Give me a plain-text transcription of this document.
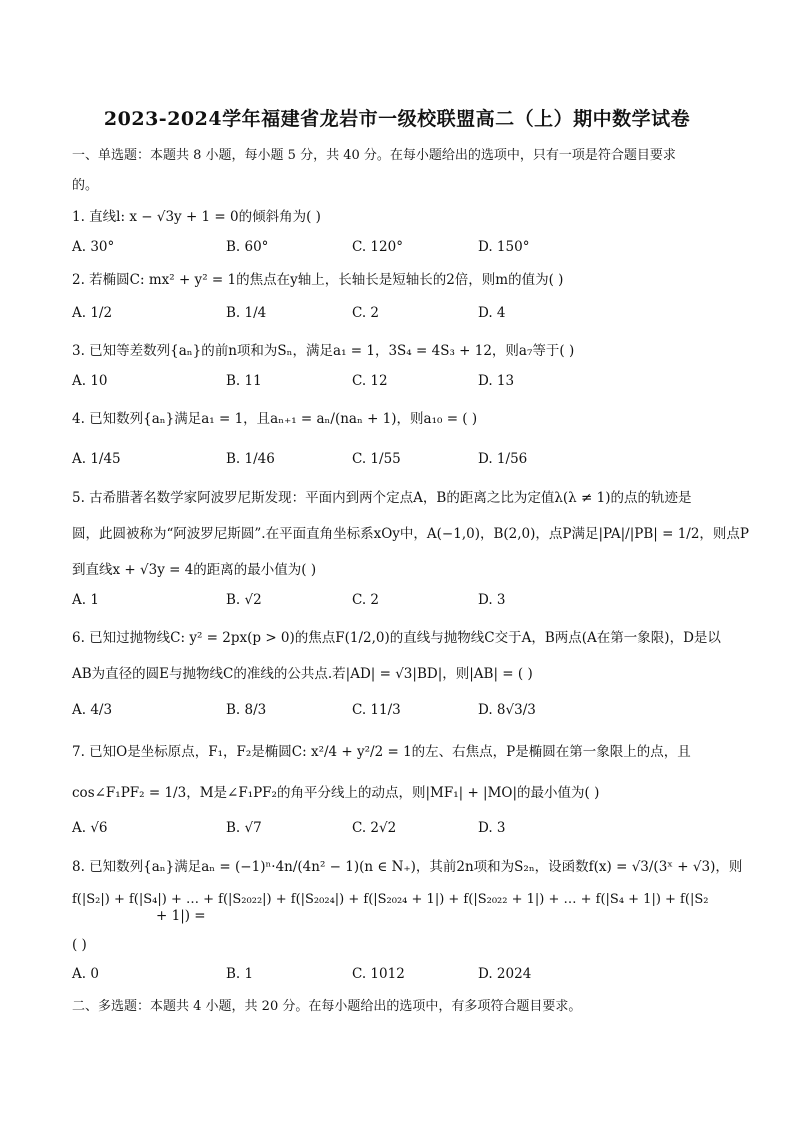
2023-2024学年福建省龙岩市一级校联盟高二（上）期中数学试卷
一、单选题：本题共 8 小题，每小题 5 分，共 40 分。在每小题给出的选项中，只有一项是符合题目要求
的。
1. 直线l: x − √3y + 1 = 0的倾斜角为( )
A. 30°	B. 60°	C. 120°	D. 150°
2. 若椭圆C: mx² + y² = 1的焦点在y轴上，长轴长是短轴长的2倍，则m的值为( )
A. 1/2	B. 1/4	C. 2	D. 4
3. 已知等差数列{aₙ}的前n项和为Sₙ，满足a₁ = 1，3S₄ = 4S₃ + 12，则a₇等于( )
A. 10	B. 11	C. 12	D. 13
4. 已知数列{aₙ}满足a₁ = 1，且aₙ₊₁ = aₙ/(naₙ + 1)，则a₁₀ = ( )
A. 1/45	B. 1/46	C. 1/55	D. 1/56
5. 古希腊著名数学家阿波罗尼斯发现：平面内到两个定点A，B的距离之比为定值λ(λ ≠ 1)的点的轨迹是
圆，此圆被称为“阿波罗尼斯圆”.在平面直角坐标系xOy中，A(−1,0)，B(2,0)，点P满足|PA|/|PB| = 1/2，则点P
到直线x + √3y = 4的距离的最小值为( )
A. 1	B. √2	C. 2	D. 3
6. 已知过抛物线C: y² = 2px(p > 0)的焦点F(1/2,0)的直线与抛物线C交于A，B两点(A在第一象限)，D是以
AB为直径的圆E与抛物线C的准线的公共点.若|AD| = √3|BD|，则|AB| = ( )
A. 4/3	B. 8/3	C. 11/3	D. 8√3/3
7. 已知O是坐标原点，F₁，F₂是椭圆C: x²/4 + y²/2 = 1的左、右焦点，P是椭圆在第一象限上的点，且
cos∠F₁PF₂ = 1/3，M是∠F₁PF₂的角平分线上的动点，则|MF₁| + |MO|的最小值为( )
A. √6	B. √7	C. 2√2	D. 3
8. 已知数列{aₙ}满足aₙ = (−1)ⁿ·4n/(4n² − 1)(n ∈ N₊)，其前2n项和为S₂ₙ，设函数f(x) = √3/(3ˣ + √3)，则
f(|S₂|) + f(|S₄|) + … + f(|S₂₀₂₂|) + f(|S₂₀₂₄|) + f(|S₂₀₂₄ + 1|) + f(|S₂₀₂₂ + 1|) + … + f(|S₄ + 1|) + f(|S₂
+ 1|) =
( )
A. 0	B. 1	C. 1012	D. 2024
二、多选题：本题共 4 小题，共 20 分。在每小题给出的选项中，有多项符合题目要求。
